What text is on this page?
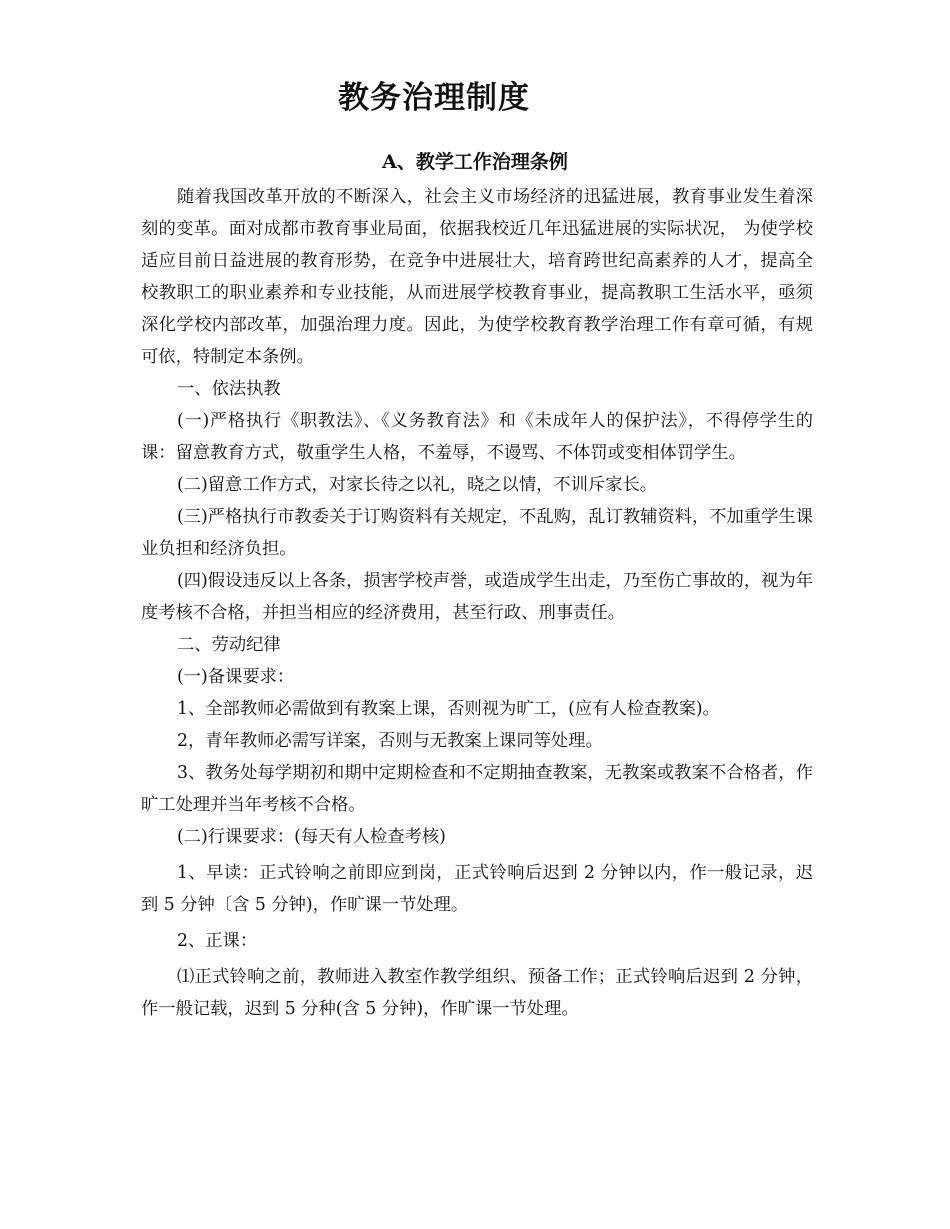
教务治理制度
A、教学工作治理条例

随着我国改革开放的不断深入，社会主义市场经济的迅猛进展，教育事业发生着深刻的变革。面对成都市教育事业局面，依据我校近几年迅猛进展的实际状况， 为使学校适应目前日益进展的教育形势，在竞争中进展壮大，培育跨世纪高素养的人才，提高全校教职工的职业素养和专业技能，从而进展学校教育事业，提高教职工生活水平，亟须深化学校内部改革，加强治理力度。因此，为使学校教育教学治理工作有章可循，有规可依，特制定本条例。

一、依法执教

(一)严格执行《职教法》、《义务教育法》和《未成年人的保护法》，不得停学生的课：留意教育方式，敬重学生人格，不羞辱，不谩骂、不体罚或变相体罚学生。

(二)留意工作方式，对家长待之以礼，晓之以情，不训斥家长。

(三)严格执行市教委关于订购资料有关规定，不乱购，乱订教辅资料，不加重学生课业负担和经济负担。

(四)假设违反以上各条，损害学校声誉，或造成学生出走，乃至伤亡事故的，视为年度考核不合格，并担当相应的经济费用，甚至行政、刑事责任。

二、劳动纪律

(一)备课要求：

1、全部教师必需做到有教案上课，否则视为旷工，(应有人检查教案)。

2，青年教师必需写详案，否则与无教案上课同等处理。

3、教务处每学期初和期中定期检查和不定期抽查教案，无教案或教案不合格者，作旷工处理并当年考核不合格。

(二)行课要求：(每天有人检查考核)

1、早读：正式铃响之前即应到岗，正式铃响后迟到 2 分钟以内，作一般记录，迟到 5 分钟〔含 5 分钟)，作旷课一节处理。

2、正课：

⑴正式铃响之前，教师进入教室作教学组织、预备工作；正式铃响后迟到 2 分钟，作一般记载，迟到 5 分种(含 5 分钟)，作旷课一节处理。
